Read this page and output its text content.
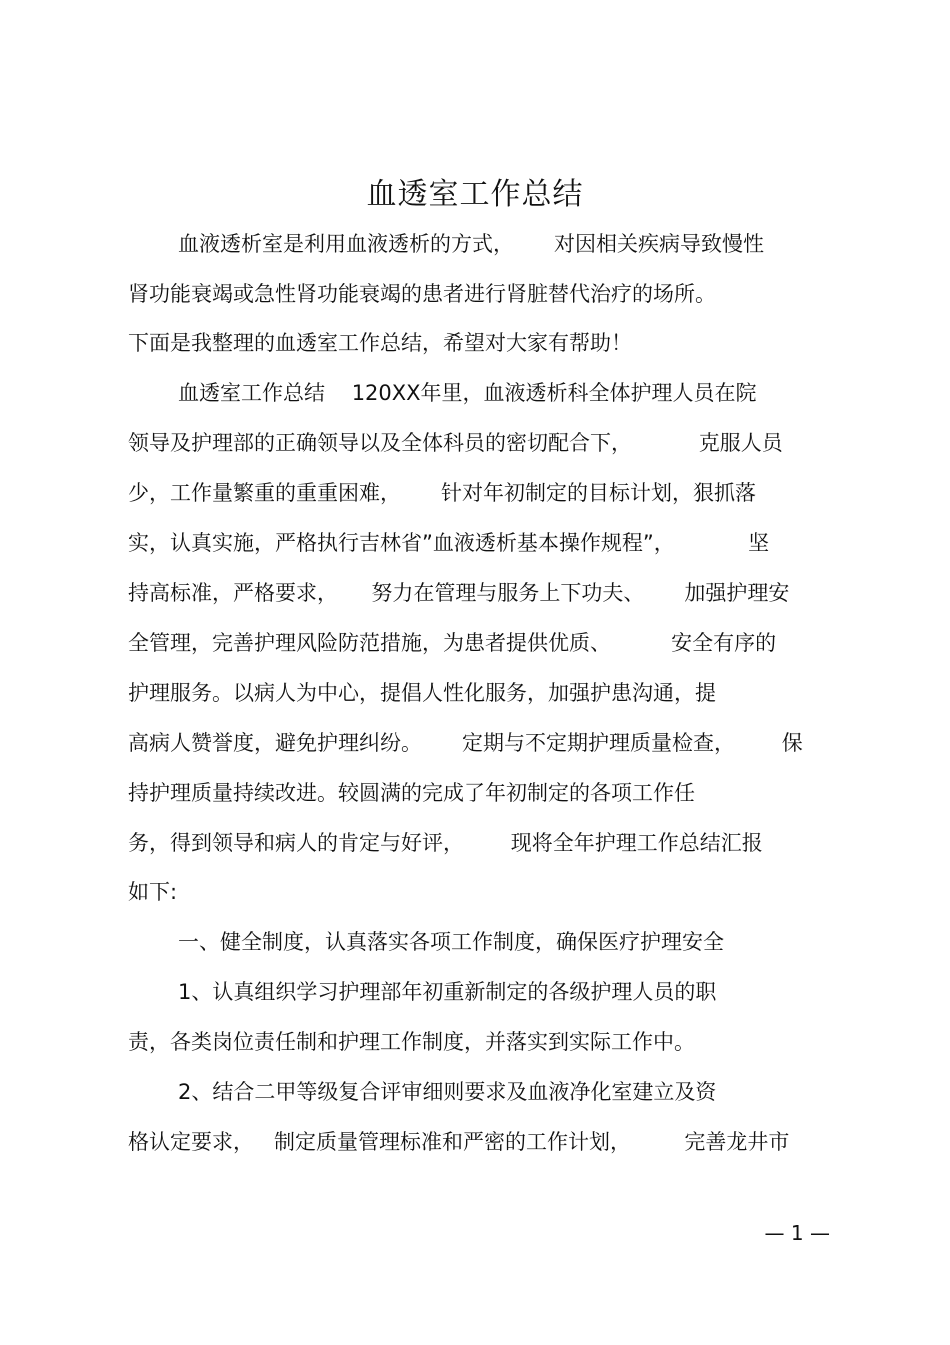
血透室工作总结
血液透析室是利用血液透析的方式，      对因相关疾病导致慢性
肾功能衰竭或急性肾功能衰竭的患者进行肾脏替代治疗的场所。
下面是我整理的血透室工作总结，希望对大家有帮助！
血透室工作总结    120XX年里，血液透析科全体护理人员在院
领导及护理部的正确领导以及全体科员的密切配合下，          克服人员
少，工作量繁重的重重困难，      针对年初制定的目标计划，狠抓落
实，认真实施，严格执行吉林省”血液透析基本操作规程”，           坚
持高标准，严格要求，     努力在管理与服务上下功夫、      加强护理安
全管理，完善护理风险防范措施，为患者提供优质、         安全有序的
护理服务。以病人为中心，提倡人性化服务，加强护患沟通，提
高病人赞誉度，避免护理纠纷。      定期与不定期护理质量检查，       保
持护理质量持续改进。较圆满的完成了年初制定的各项工作任
务，得到领导和病人的肯定与好评，       现将全年护理工作总结汇报
如下:
一、健全制度，认真落实各项工作制度，确保医疗护理安全
1、认真组织学习护理部年初重新制定的各级护理人员的职
责，各类岗位责任制和护理工作制度，并落实到实际工作中。
2、结合二甲等级复合评审细则要求及血液净化室建立及资
格认定要求，   制定质量管理标准和严密的工作计划，        完善龙井市
— 1 —
